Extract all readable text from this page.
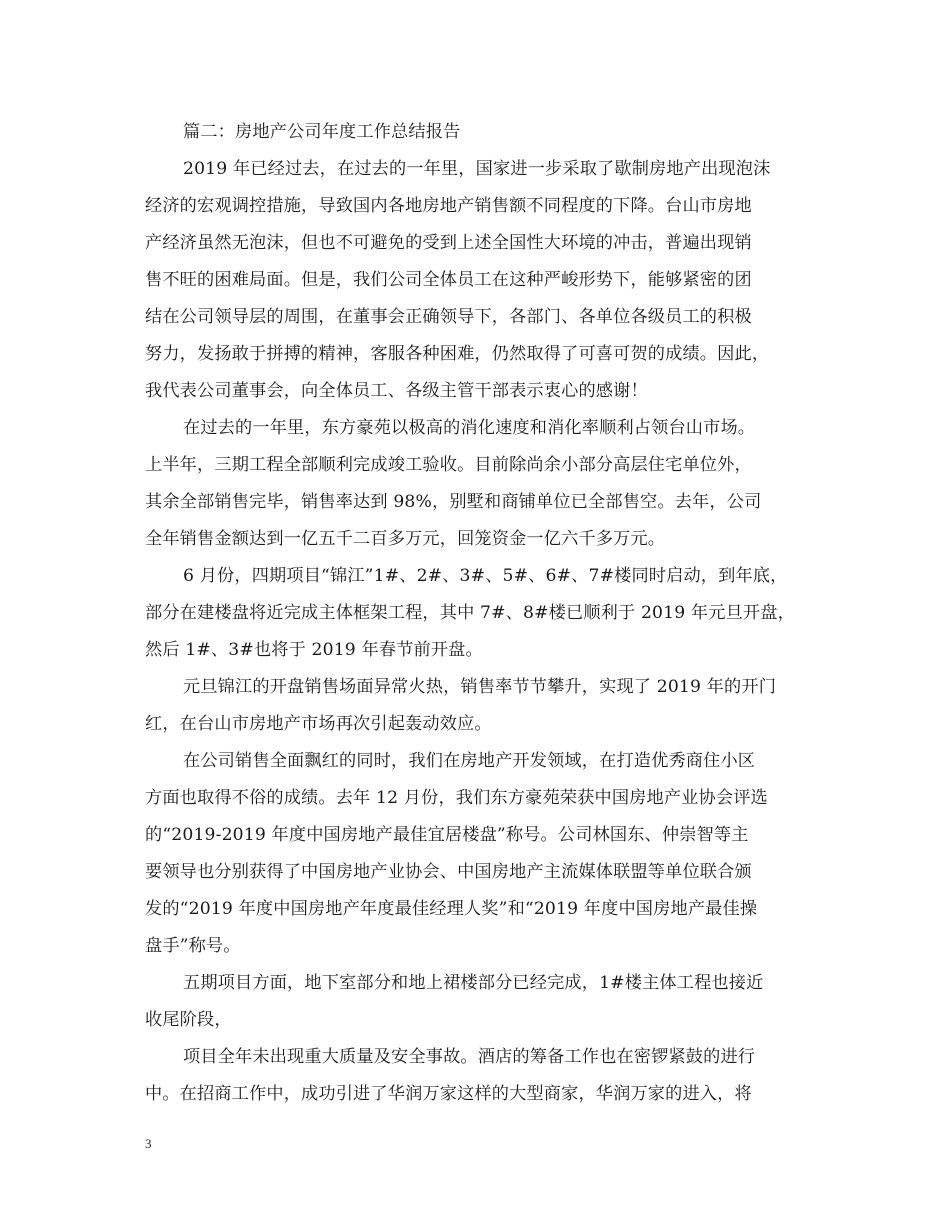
篇二：房地产公司年度工作总结报告
2019 年已经过去，在过去的一年里，国家进一步采取了歇制房地产出现泡沫
经济的宏观调控措施，导致国内各地房地产销售额不同程度的下降。台山市房地
产经济虽然无泡沫，但也不可避免的受到上述全国性大环境的冲击，普遍出现销
售不旺的困难局面。但是，我们公司全体员工在这种严峻形势下，能够紧密的团
结在公司领导层的周围，在董事会正确领导下，各部门、各单位各级员工的积极
努力，发扬敢于拼搏的精神，客服各种困难，仍然取得了可喜可贺的成绩。因此，
我代表公司董事会，向全体员工、各级主管干部表示衷心的感谢！
在过去的一年里，东方豪苑以极高的消化速度和消化率顺利占领台山市场。
上半年，三期工程全部顺利完成竣工验收。目前除尚余小部分高层住宅单位外，
其余全部销售完毕，销售率达到 98%，别墅和商铺单位已全部售空。去年，公司
全年销售金额达到一亿五千二百多万元，回笼资金一亿六千多万元。
6 月份，四期项目“锦江”1#、2#、3#、5#、6#、7#楼同时启动，到年底，
部分在建楼盘将近完成主体框架工程，其中 7#、8#楼已顺利于 2019 年元旦开盘，
然后 1#、3#也将于 2019 年春节前开盘。
元旦锦江的开盘销售场面异常火热，销售率节节攀升，实现了 2019 年的开门
红，在台山市房地产市场再次引起轰动效应。
在公司销售全面飘红的同时，我们在房地产开发领域，在打造优秀商住小区
方面也取得不俗的成绩。去年 12 月份，我们东方豪苑荣获中国房地产业协会评选
的“2019-2019 年度中国房地产最佳宜居楼盘”称号。公司林国东、仲崇智等主
要领导也分别获得了中国房地产业协会、中国房地产主流媒体联盟等单位联合颁
发的“2019 年度中国房地产年度最佳经理人奖”和“2019 年度中国房地产最佳操
盘手”称号。
五期项目方面，地下室部分和地上裙楼部分已经完成，1#楼主体工程也接近
收尾阶段，
项目全年未出现重大质量及安全事故。酒店的筹备工作也在密锣紧鼓的进行
中。在招商工作中，成功引进了华润万家这样的大型商家，华润万家的进入，将
3
